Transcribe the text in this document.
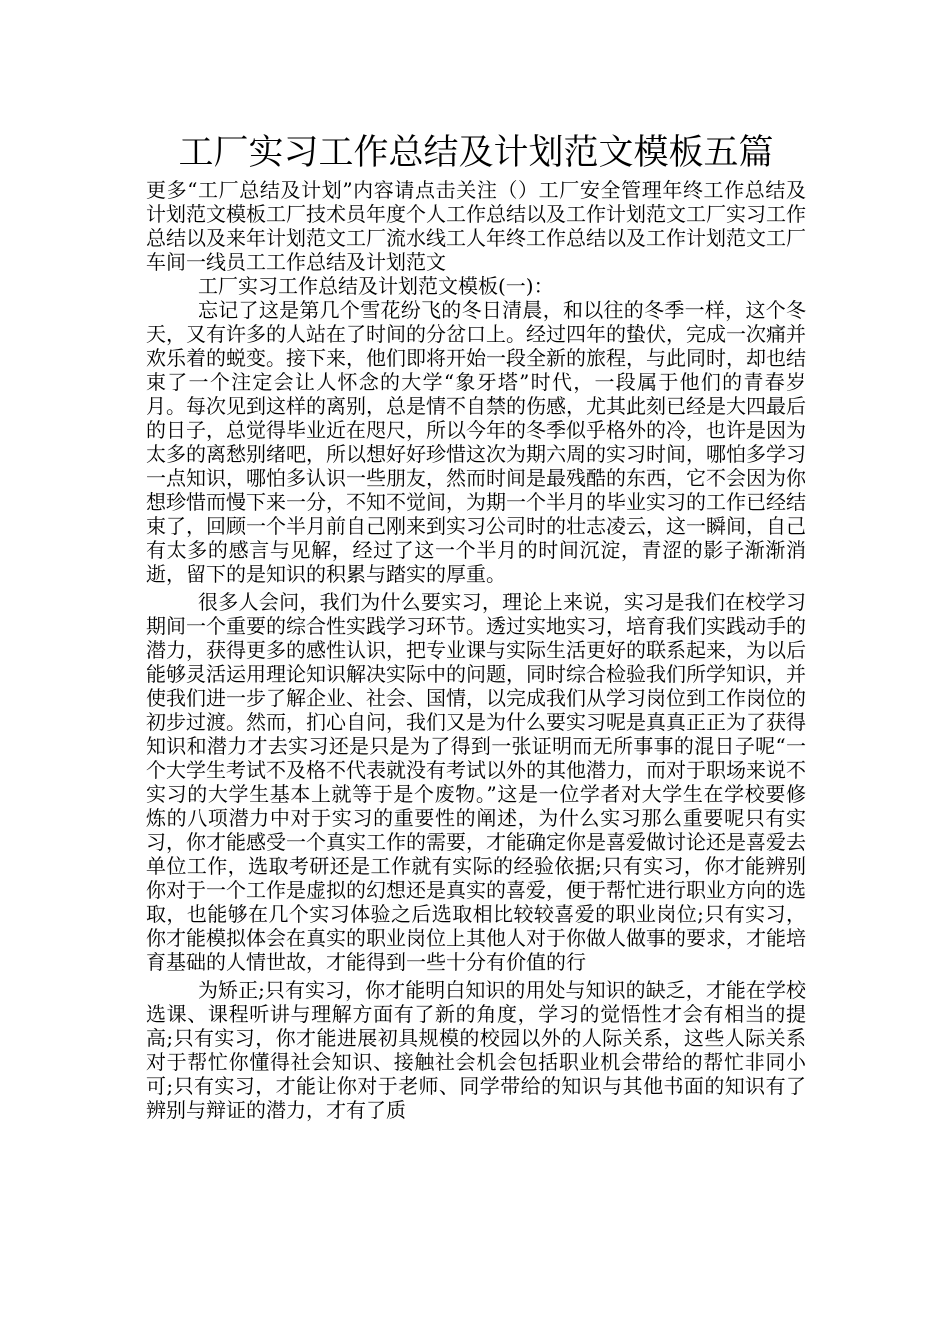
工厂实习工作总结及计划范文模板五篇

更多“工厂总结及计划”内容请点击关注（）工厂安全管理年终工作总结及计划范文模板工厂技术员年度个人工作总结以及工作计划范文工厂实习工作总结以及来年计划范文工厂流水线工人年终工作总结以及工作计划范文工厂车间一线员工工作总结及计划范文

工厂实习工作总结及计划范文模板(一)：

忘记了这是第几个雪花纷飞的冬日清晨，和以往的冬季一样，这个冬天，又有许多的人站在了时间的分岔口上。经过四年的蛰伏，完成一次痛并欢乐着的蜕变。接下来，他们即将开始一段全新的旅程，与此同时，却也结束了一个注定会让人怀念的大学“象牙塔”时代，一段属于他们的青春岁月。每次见到这样的离别，总是情不自禁的伤感，尤其此刻已经是大四最后的日子，总觉得毕业近在咫尺，所以今年的冬季似乎格外的冷，也许是因为太多的离愁别绪吧，所以想好好珍惜这次为期六周的实习时间，哪怕多学习一点知识，哪怕多认识一些朋友，然而时间是最残酷的东西，它不会因为你想珍惜而慢下来一分，不知不觉间，为期一个半月的毕业实习的工作已经结束了，回顾一个半月前自己刚来到实习公司时的壮志凌云，这一瞬间，自己有太多的感言与见解，经过了这一个半月的时间沉淀，青涩的影子渐渐消逝，留下的是知识的积累与踏实的厚重。

很多人会问，我们为什么要实习，理论上来说，实习是我们在校学习期间一个重要的综合性实践学习环节。透过实地实习，培育我们实践动手的潜力，获得更多的感性认识，把专业课与实际生活更好的联系起来，为以后能够灵活运用理论知识解决实际中的问题，同时综合检验我们所学知识，并使我们进一步了解企业、社会、国情，以完成我们从学习岗位到工作岗位的初步过渡。然而，扪心自问，我们又是为什么要实习呢是真真正正为了获得知识和潜力才去实习还是只是为了得到一张证明而无所事事的混日子呢“一个大学生考试不及格不代表就没有考试以外的其他潜力，而对于职场来说不实习的大学生基本上就等于是个废物。”这是一位学者对大学生在学校要修炼的八项潜力中对于实习的重要性的阐述，为什么实习那么重要呢只有实习，你才能感受一个真实工作的需要，才能确定你是喜爱做讨论还是喜爱去单位工作，选取考研还是工作就有实际的经验依据;只有实习，你才能辨别你对于一个工作是虚拟的幻想还是真实的喜爱，便于帮忙进行职业方向的选取，也能够在几个实习体验之后选取相比较较喜爱的职业岗位;只有实习，你才能模拟体会在真实的职业岗位上其他人对于你做人做事的要求，才能培育基础的人情世故，才能得到一些十分有价值的行

为矫正;只有实习，你才能明白知识的用处与知识的缺乏，才能在学校选课、课程听讲与理解方面有了新的角度，学习的觉悟性才会有相当的提高;只有实习，你才能进展初具规模的校园以外的人际关系，这些人际关系对于帮忙你懂得社会知识、接触社会机会包括职业机会带给的帮忙非同小可;只有实习，才能让你对于老师、同学带给的知识与其他书面的知识有了辨别与辩证的潜力，才有了质
